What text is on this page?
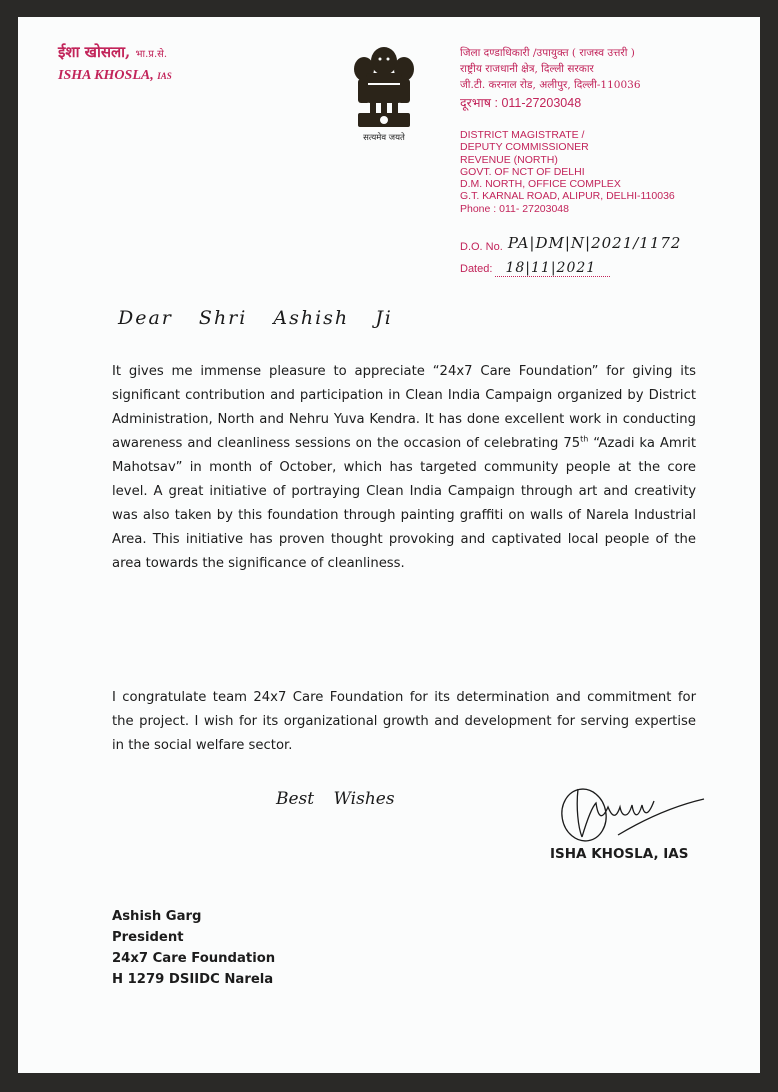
ईशा खोसला, भा.प्र.से.
ISHA KHOSLA, IAS
सत्यमेव जयते
जिला दण्डाधिकारी /उपायुक्त ( राजस्व उत्तरी )
राष्ट्रीय राजधानी क्षेत्र, दिल्ली सरकार
जी.टी. करनाल रोड, अलीपुर, दिल्ली-110036
दूरभाष : 011-27203048
DISTRICT MAGISTRATE /
DEPUTY COMMISSIONER
REVENUE (NORTH)
GOVT. OF NCT OF DELHI
D.M. NORTH, OFFICE COMPLEX
G.T. KARNAL ROAD, ALIPUR, DELHI-110036
Phone : 011- 27203048
D.O. No. PA|DM|N|2021/1172
Dated: 18|11|2021
Dear Shri Ashish Ji
It gives me immense pleasure to appreciate “24x7 Care Foundation” for giving its significant contribution and participation in Clean India Campaign organized by District Administration, North and Nehru Yuva Kendra. It has done excellent work in conducting awareness and cleanliness sessions on the occasion of celebrating 75th “Azadi ka Amrit Mahotsav” in month of October, which has targeted community people at the core level. A great initiative of portraying Clean India Campaign through art and creativity was also taken by this foundation through painting graffiti on walls of Narela Industrial Area. This initiative has proven thought provoking and captivated local people of the area towards the significance of cleanliness.
I congratulate team 24x7 Care Foundation for its determination and commitment for the project. I wish for its organizational growth and development for serving expertise in the social welfare sector.
Best Wishes
ISHA KHOSLA, IAS
Ashish Garg
President
24x7 Care Foundation
H 1279 DSIIDC Narela
